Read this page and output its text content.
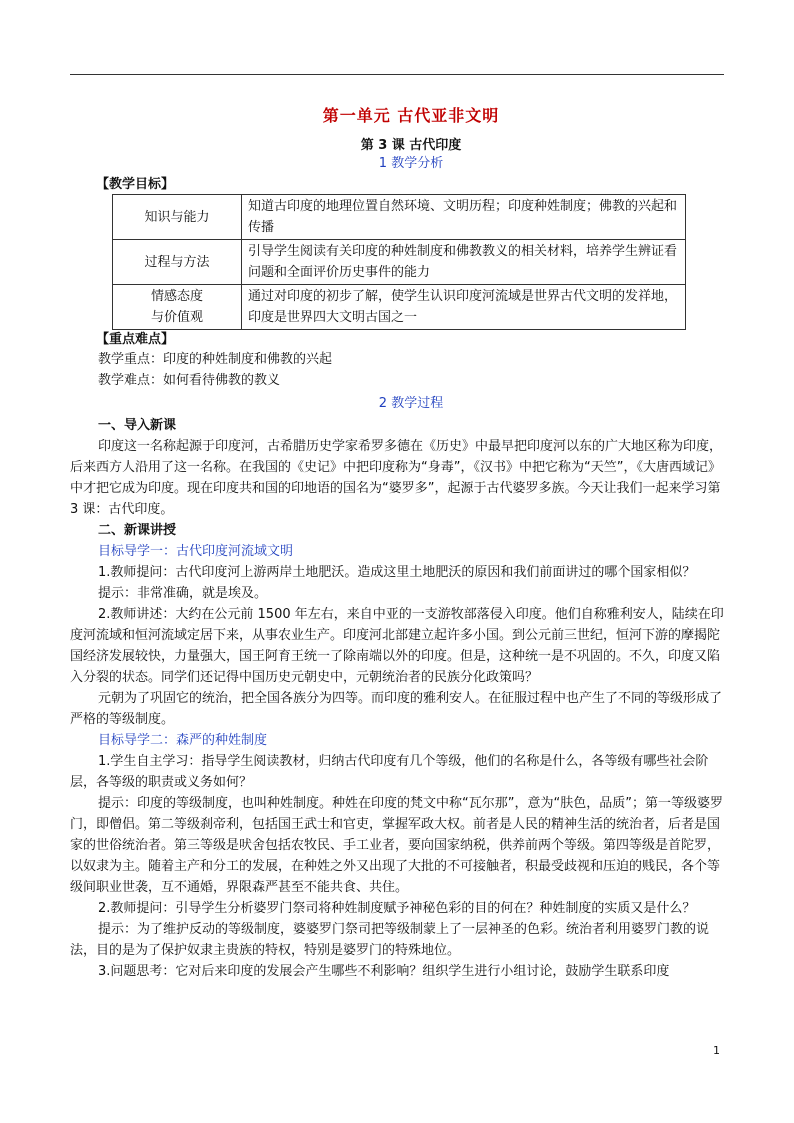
第一单元 古代亚非文明

第 3 课 古代印度

1 教学分析

【教学目标】
知识与能力	知道古印度的地理位置自然环境、文明历程；印度种姓制度；佛教的兴起和传播
过程与方法	引导学生阅读有关印度的种姓制度和佛教教义的相关材料，培养学生辨证看问题和全面评价历史事件的能力

情感态度
与价值观	通过对印度的初步了解，使学生认识印度河流域是世界古代文明的发祥地，印度是世界四大文明古国之一
【重点难点】

教学重点：印度的种姓制度和佛教的兴起

教学难点：如何看待佛教的教义

2 教学过程

一、导入新课

印度这一名称起源于印度河，古希腊历史学家希罗多德在《历史》中最早把印度河以东的广大地区称为印度，后来西方人沿用了这一名称。在我国的《史记》中把印度称为“身毒”，《汉书》中把它称为“天竺”，《大唐西域记》中才把它成为印度。现在印度共和国的印地语的国名为“婆罗多”，起源于古代婆罗多族。今天让我们一起来学习第 3 课：古代印度。

二、新课讲授

目标导学一：古代印度河流域文明

1.教师提问：古代印度河上游两岸土地肥沃。造成这里土地肥沃的原因和我们前面讲过的哪个国家相似？

提示：非常准确，就是埃及。

2.教师讲述：大约在公元前 1500 年左右，来自中亚的一支游牧部落侵入印度。他们自称雅利安人，陆续在印度河流域和恒河流域定居下来，从事农业生产。印度河北部建立起许多小国。到公元前三世纪，恒河下游的摩揭陀国经济发展较快，力量强大，国王阿育王统一了除南端以外的印度。但是，这种统一是不巩固的。不久，印度又陷入分裂的状态。同学们还记得中国历史元朝史中，元朝统治者的民族分化政策吗？

元朝为了巩固它的统治，把全国各族分为四等。而印度的雅利安人。在征服过程中也产生了不同的等级形成了严格的等级制度。

目标导学二：森严的种姓制度

1.学生自主学习：指导学生阅读教材，归纳古代印度有几个等级，他们的名称是什么，各等级有哪些社会阶层，各等级的职责或义务如何？

提示：印度的等级制度，也叫种姓制度。种姓在印度的梵文中称“瓦尔那”，意为“肤色，品质”；第一等级婆罗门，即僧侣。第二等级刹帝利，包括国王武士和官吏，掌握军政大权。前者是人民的精神生活的统治者，后者是国家的世俗统治者。第三等级是吠舍包括农牧民、手工业者，要向国家纳税，供养前两个等级。第四等级是首陀罗，以奴隶为主。随着主产和分工的发展，在种姓之外又出现了大批的不可接触者，积最受歧视和压迫的贱民，各个等级间职业世袭，互不通婚，界限森严甚至不能共食、共住。

2.教师提问：引导学生分析婆罗门祭司将种姓制度赋予神秘色彩的目的何在？种姓制度的实质又是什么？

提示：为了维护反动的等级制度，婆婆罗门祭司把等级制蒙上了一层神圣的色彩。统治者利用婆罗门教的说法，目的是为了保护奴隶主贵族的特权，特别是婆罗门的特殊地位。

3.问题思考：它对后来印度的发展会产生哪些不利影响？组织学生进行小组讨论，鼓励学生联系印度

1
